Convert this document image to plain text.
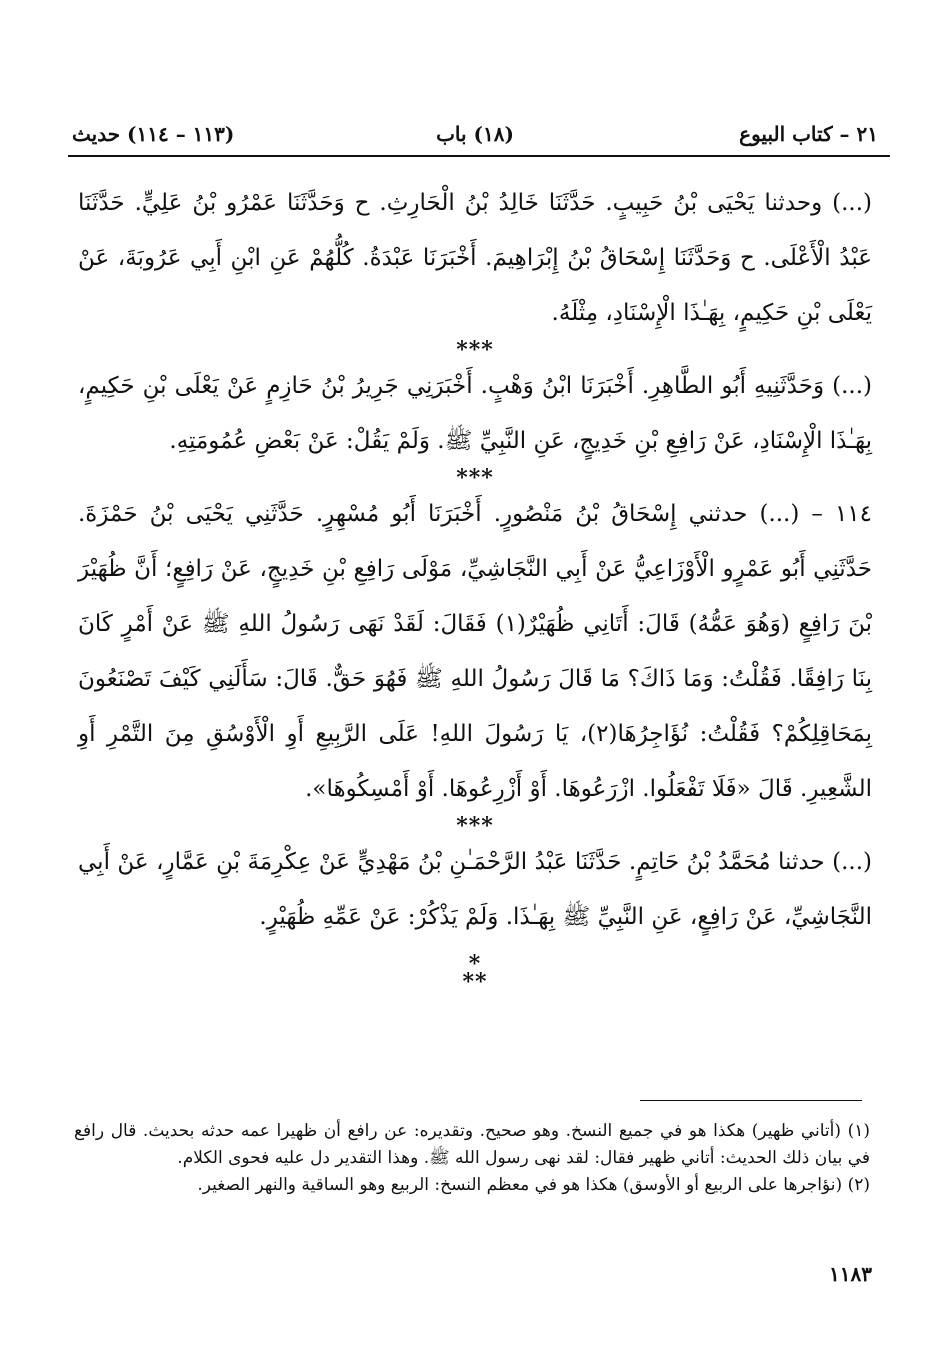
٢١ – كتاب البيوع
(١٨) باب
(١١٣ – ١١٤) حديث

(...) وحدثنا يَحْيَى بْنُ حَبِيبٍ. حَدَّثَنَا خَالِدُ بْنُ الْحَارِثِ. ح وَحَدَّثَنَا عَمْرُو بْنُ عَلِيٍّ. حَدَّثَنَا عَبْدُ الْأَعْلَى. ح وَحَدَّثَنَا إِسْحَاقُ بْنُ إِبْرَاهِيمَ. أَخْبَرَنَا عَبْدَةُ. كُلُّهُمْ عَنِ ابْنِ أَبِي عَرُوبَةَ، عَنْ يَعْلَى بْنِ حَكِيمٍ، بِهَـٰذَا الْإِسْنَادِ، مِثْلَهُ.

***

(...) وَحَدَّثَنِيهِ أَبُو الطَّاهِرِ. أَخْبَرَنَا ابْنُ وَهْبٍ. أَخْبَرَنِي جَرِيرُ بْنُ حَازِمٍ عَنْ يَعْلَى بْنِ حَكِيمٍ، بِهَـٰذَا الْإِسْنَادِ، عَنْ رَافِعِ بْنِ خَدِيجٍ، عَنِ النَّبِيِّ ﷺ. وَلَمْ يَقُلْ: عَنْ بَعْضِ عُمُومَتِهِ.

***

١١٤ – (...) حدثني إِسْحَاقُ بْنُ مَنْصُورٍ. أَخْبَرَنَا أَبُو مُسْهِرٍ. حَدَّثَنِي يَحْيَى بْنُ حَمْزَةَ. حَدَّثَنِي أَبُو عَمْرٍو الْأَوْزَاعِيُّ عَنْ أَبِي النَّجَاشِيِّ، مَوْلَى رَافِعِ بْنِ خَدِيجٍ، عَنْ رَافِعٍ؛ أَنَّ ظُهَيْرَ بْنَ رَافِعٍ (وَهُوَ عَمُّهُ) قَالَ: أَتَانِي ظُهَيْرٌ(١) فَقَالَ: لَقَدْ نَهَى رَسُولُ اللهِ ﷺ عَنْ أَمْرٍ كَانَ بِنَا رَافِقًا. فَقُلْتُ: وَمَا ذَاكَ؟ مَا قَالَ رَسُولُ اللهِ ﷺ فَهُوَ حَقٌّ. قَالَ: سَأَلَنِي كَيْفَ تَصْنَعُونَ بِمَحَاقِلِكُمْ؟ فَقُلْتُ: نُؤَاجِرُهَا(٢)، يَا رَسُولَ اللهِ! عَلَى الرَّبِيعِ أَوِ الْأَوْسُقِ مِنَ التَّمْرِ أَوِ الشَّعِيرِ. قَالَ «فَلَا تَفْعَلُوا. ازْرَعُوهَا. أَوْ أَزْرِعُوهَا. أَوْ أَمْسِكُوهَا».

***

(...) حدثنا مُحَمَّدُ بْنُ حَاتِمٍ. حَدَّثَنَا عَبْدُ الرَّحْمَـٰنِ بْنُ مَهْدِيٍّ عَنْ عِكْرِمَةَ بْنِ عَمَّارٍ، عَنْ أَبِي النَّجَاشِيِّ، عَنْ رَافِعٍ، عَنِ النَّبِيِّ ﷺ بِهَـٰذَا. وَلَمْ يَذْكُرْ: عَنْ عَمِّهِ ظُهَيْرٍ.

*
**

(١) (أتاني ظهير) هكذا هو في جميع النسخ. وهو صحيح. وتقديره: عن رافع أن ظهيرا عمه حدثه بحديث. قال رافع في بيان ذلك الحديث: أتاني ظهير فقال: لقد نهى رسول الله ﷺ. وهذا التقدير دل عليه فحوى الكلام.

(٢) (نؤاجرها على الربيع أو الأوسق) هكذا هو في معظم النسخ: الربيع وهو الساقية والنهر الصغير.

١١٨٣
